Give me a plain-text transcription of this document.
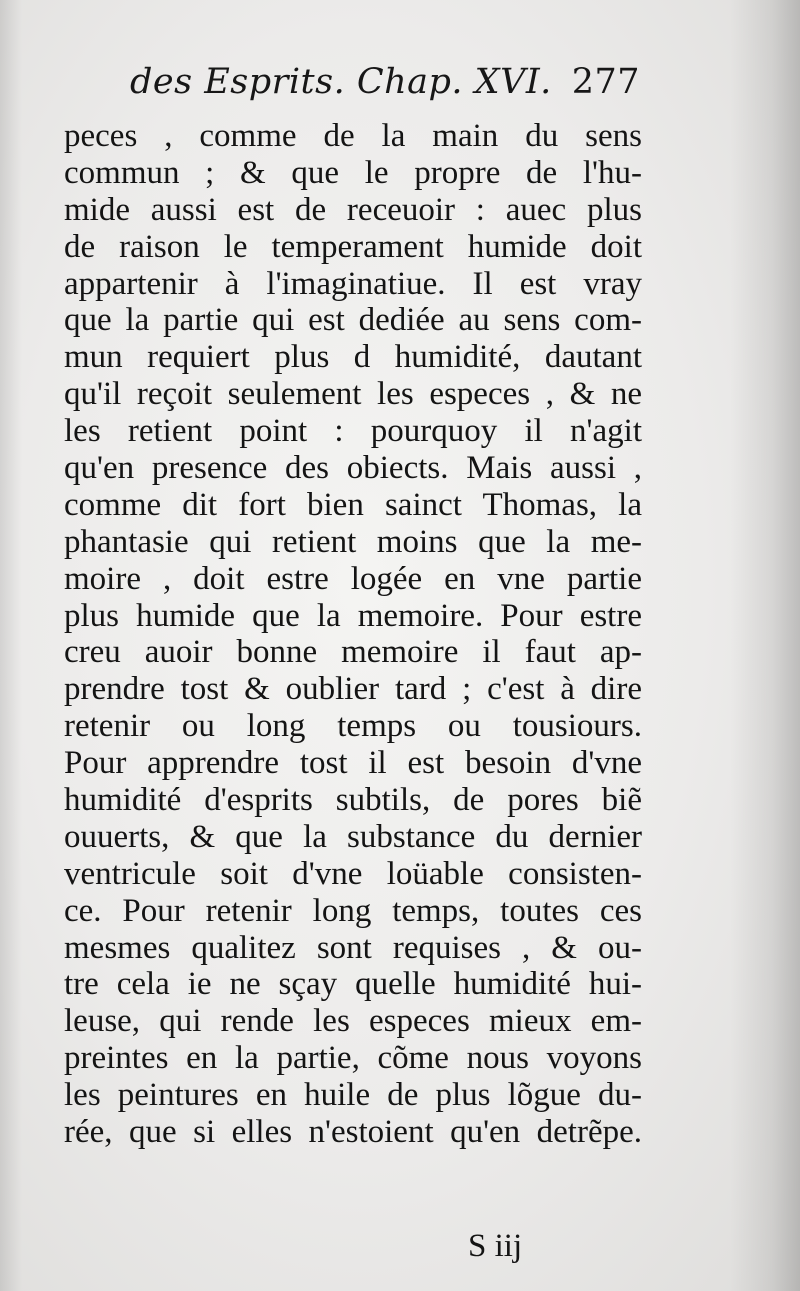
des Esprits. Chap. XVI. 277
peces , comme de la main du sens
commun ; & que le propre de l'hu-
mide aussi est de receuoir : auec plus
de raison le temperament humide doit
appartenir à l'imaginatiue. Il est vray
que la partie qui est dediée au sens com-
mun requiert plus d humidité, dautant
qu'il reçoit seulement les especes , & ne
les retient point : pourquoy il n'agit
qu'en presence des obiects. Mais aussi ,
comme dit fort bien sainct Thomas, la
phantasie qui retient moins que la me-
moire , doit estre logée en vne partie
plus humide que la memoire. Pour estre
creu auoir bonne memoire il faut ap-
prendre tost & oublier tard ; c'est à dire
retenir ou long temps ou tousiours.
Pour apprendre tost il est besoin d'vne
humidité d'esprits subtils, de pores biẽ
ouuerts, & que la substance du dernier
ventricule soit d'vne loüable consisten-
ce. Pour retenir long temps, toutes ces
mesmes qualitez sont requises , & ou-
tre cela ie ne sçay quelle humidité hui-
leuse, qui rende les especes mieux em-
preintes en la partie, cõme nous voyons
les peintures en huile de plus lõgue du-
rée, que si elles n'estoient qu'en detrẽpe.
S iij
